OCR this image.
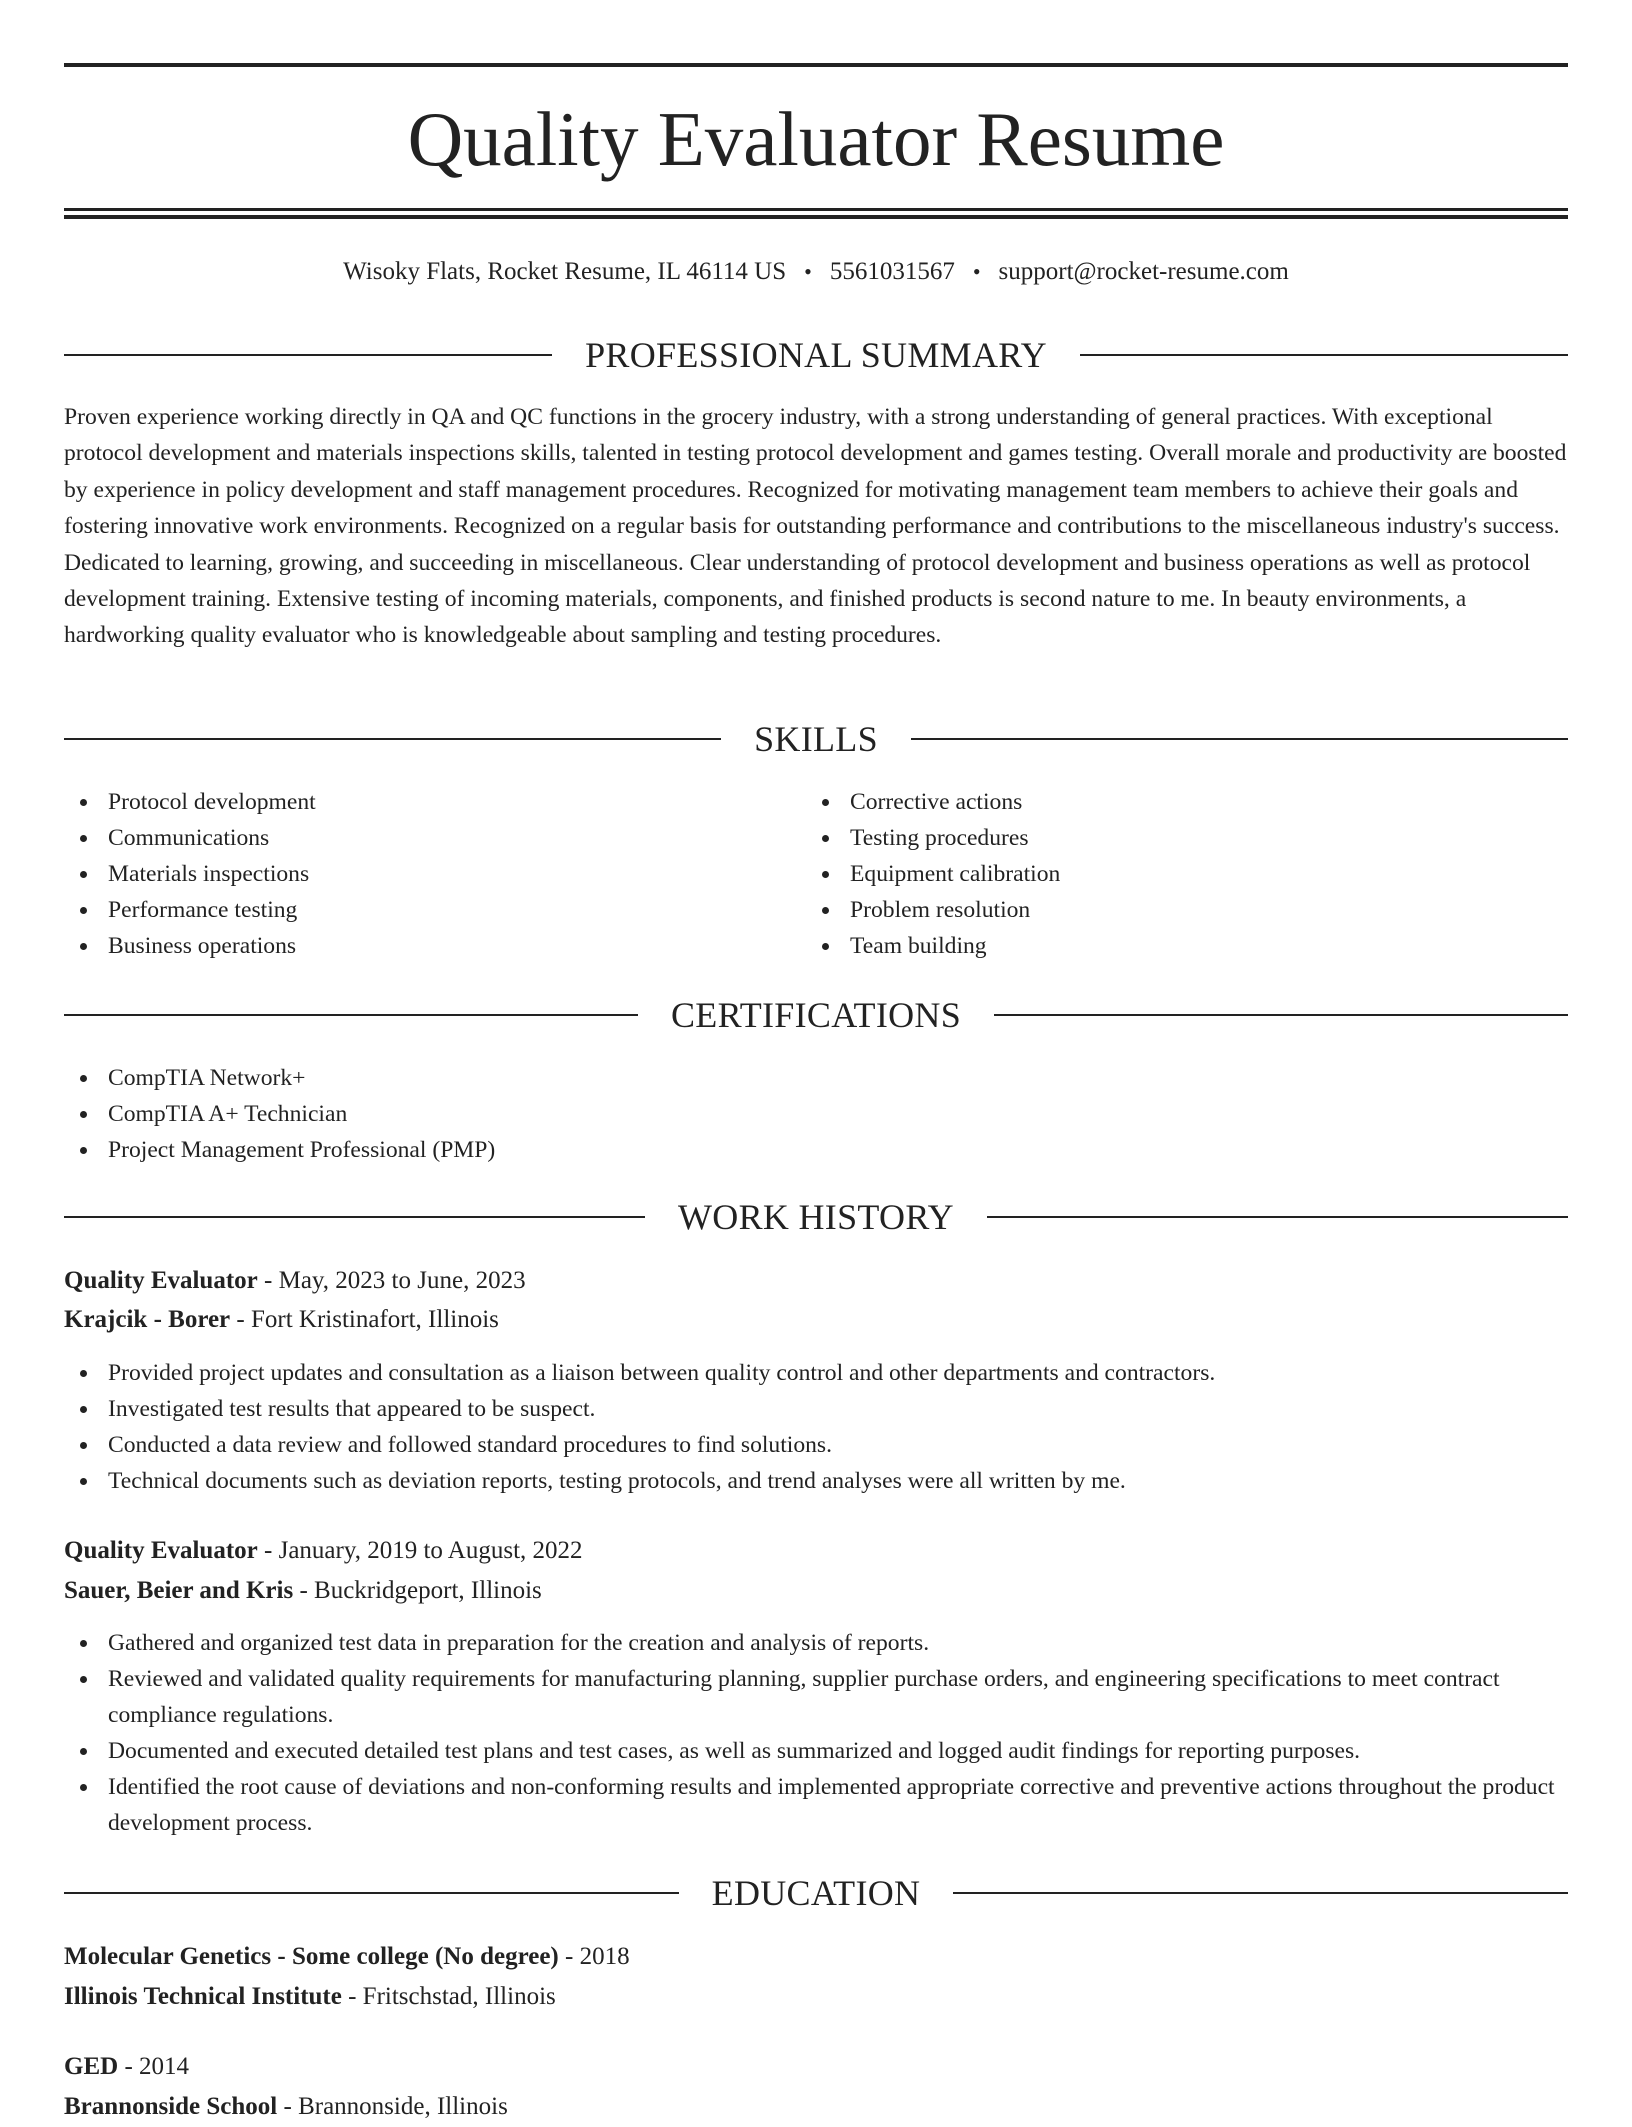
Quality Evaluator Resume
Wisoky Flats, Rocket Resume, IL 46114 US • 5561031567 • support@rocket-resume.com
PROFESSIONAL SUMMARY
Proven experience working directly in QA and QC functions in the grocery industry, with a strong understanding of general practices. With exceptional protocol development and materials inspections skills, talented in testing protocol development and games testing. Overall morale and productivity are boosted by experience in policy development and staff management procedures. Recognized for motivating management team members to achieve their goals and fostering innovative work environments. Recognized on a regular basis for outstanding performance and contributions to the miscellaneous industry's success. Dedicated to learning, growing, and succeeding in miscellaneous. Clear understanding of protocol development and business operations as well as protocol development training. Extensive testing of incoming materials, components, and finished products is second nature to me. In beauty environments, a hardworking quality evaluator who is knowledgeable about sampling and testing procedures.
SKILLS
Protocol development
Communications
Materials inspections
Performance testing
Business operations
Corrective actions
Testing procedures
Equipment calibration
Problem resolution
Team building
CERTIFICATIONS
CompTIA Network+
CompTIA A+ Technician
Project Management Professional (PMP)
WORK HISTORY
Quality Evaluator - May, 2023 to June, 2023
Krajcik - Borer - Fort Kristinafort, Illinois
Provided project updates and consultation as a liaison between quality control and other departments and contractors.
Investigated test results that appeared to be suspect.
Conducted a data review and followed standard procedures to find solutions.
Technical documents such as deviation reports, testing protocols, and trend analyses were all written by me.
Quality Evaluator - January, 2019 to August, 2022
Sauer, Beier and Kris - Buckridgeport, Illinois
Gathered and organized test data in preparation for the creation and analysis of reports.
Reviewed and validated quality requirements for manufacturing planning, supplier purchase orders, and engineering specifications to meet contract compliance regulations.
Documented and executed detailed test plans and test cases, as well as summarized and logged audit findings for reporting purposes.
Identified the root cause of deviations and non-conforming results and implemented appropriate corrective and preventive actions throughout the product development process.
EDUCATION
Molecular Genetics - Some college (No degree) - 2018
Illinois Technical Institute - Fritschstad, Illinois
GED - 2014
Brannonside School - Brannonside, Illinois
